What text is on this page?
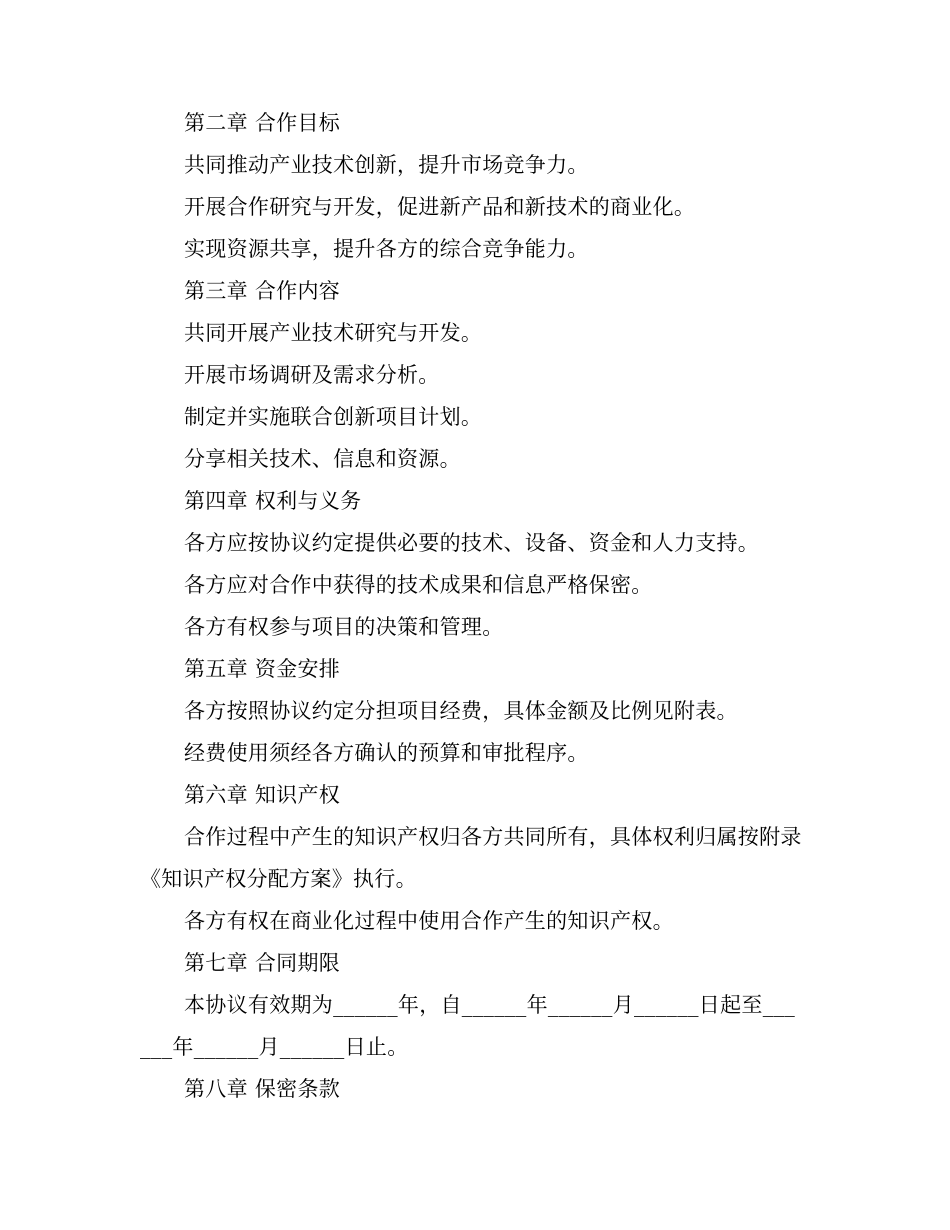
第二章 合作目标

共同推动产业技术创新，提升市场竞争力。

开展合作研究与开发，促进新产品和新技术的商业化。

实现资源共享，提升各方的综合竞争能力。

第三章 合作内容

共同开展产业技术研究与开发。

开展市场调研及需求分析。

制定并实施联合创新项目计划。

分享相关技术、信息和资源。

第四章 权利与义务

各方应按协议约定提供必要的技术、设备、资金和人力支持。

各方应对合作中获得的技术成果和信息严格保密。

各方有权参与项目的决策和管理。

第五章 资金安排

各方按照协议约定分担项目经费，具体金额及比例见附表。

经费使用须经各方确认的预算和审批程序。

第六章 知识产权

合作过程中产生的知识产权归各方共同所有，具体权利归属按附录《知识产权分配方案》执行。

各方有权在商业化过程中使用合作产生的知识产权。

第七章 合同期限

本协议有效期为______年，自______年______月______日起至______年______月______日止。

第八章 保密条款
